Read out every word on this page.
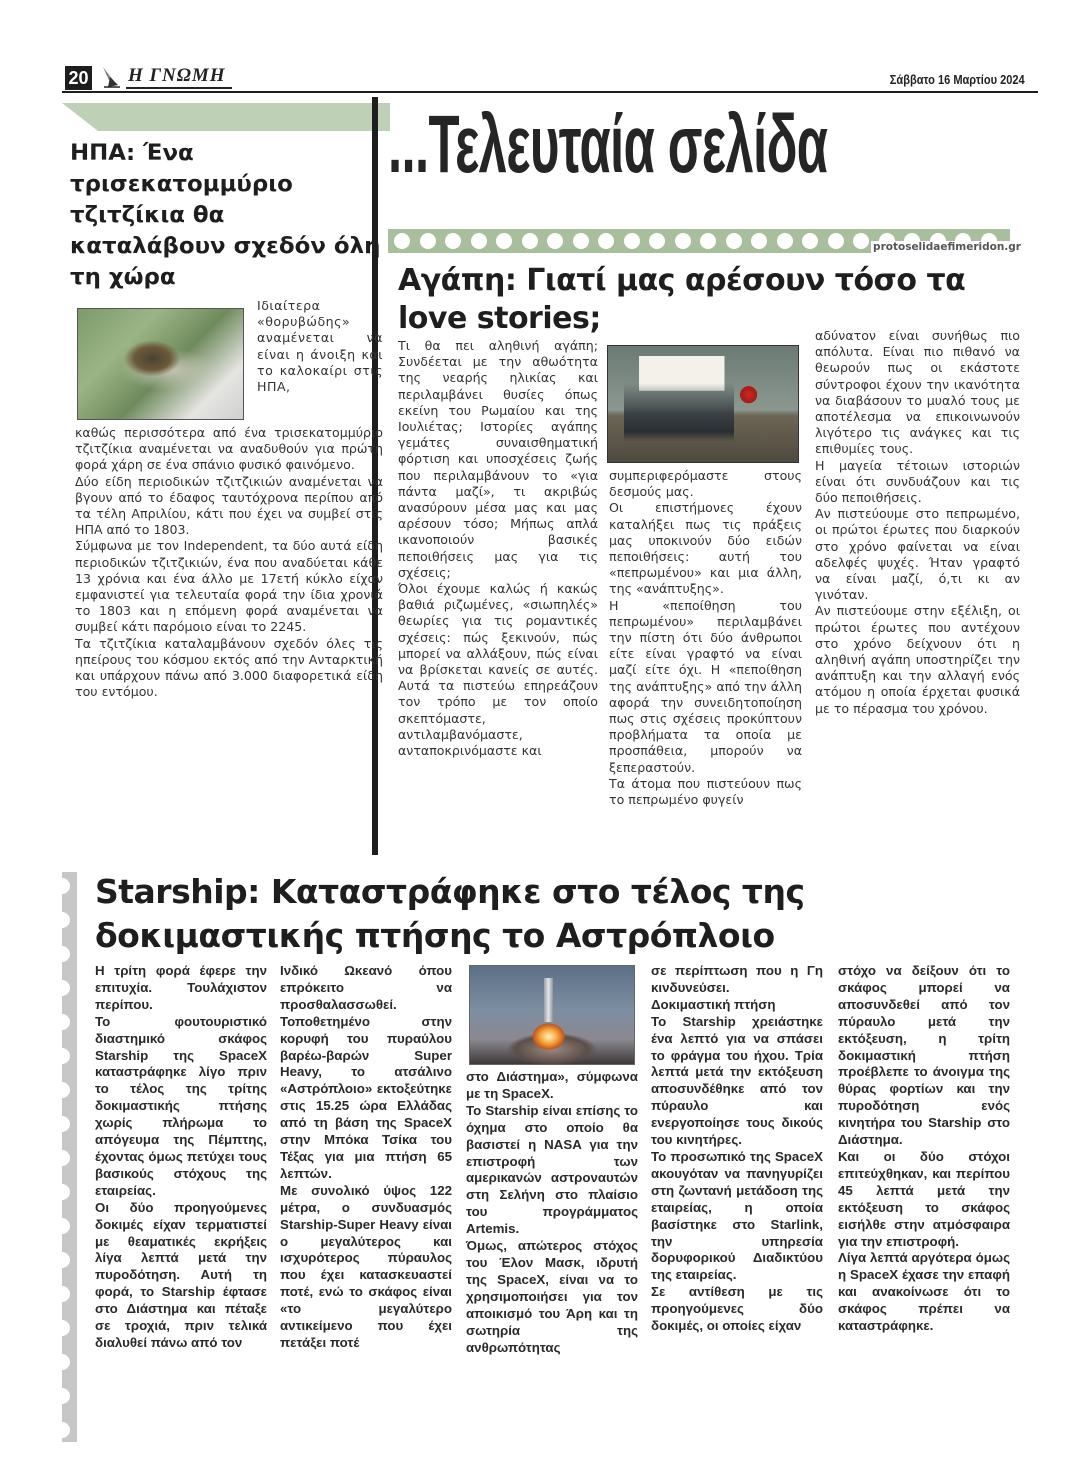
20 Η ΓΝΩΜΗ	Σάββατο 16 Μαρτίου 2024
...Τελευταία σελίδα
protoselidaefimeridon.gr
ΗΠΑ: Ένα τρισεκατομμύριο τζιτζίκια θα καταλάβουν σχεδόν όλη τη χώρα
Ιδιαίτερα «θορυβώδης» αναμένεται να είναι η άνοιξη και το καλοκαίρι στις ΗΠΑ,

καθώς περισσότερα από ένα τρισεκατομμύριο τζιτζίκια αναμένεται να αναδυθούν για πρώτη φορά χάρη σε ένα σπάνιο φυσικό φαινόμενο.

Δύο είδη περιοδικών τζιτζικιών αναμένεται να βγουν από το έδαφος ταυτόχρονα περίπου από τα τέλη Απριλίου, κάτι που έχει να συμβεί στις ΗΠΑ από το 1803.

Σύμφωνα με τον Independent, τα δύο αυτά είδη περιοδικών τζιτζικιών, ένα που αναδύεται κάθε 13 χρόνια και ένα άλλο με 17ετή κύκλο είχαν εμφανιστεί για τελευταία φορά την ίδια χρονιά το 1803 και η επόμενη φορά αναμένεται να συμβεί κάτι παρόμοιο είναι το 2245.

Τα τζιτζίκια καταλαμβάνουν σχεδόν όλες τις ηπείρους του κόσμου εκτός από την Ανταρκτική και υπάρχουν πάνω από 3.000 διαφορετικά είδη του εντόμου.

Αγάπη: Γιατί μας αρέσουν τόσο τα love stories;

Τι θα πει αληθινή αγάπη; Συνδέεται με την αθωότητα της νεαρής ηλικίας και περιλαμβάνει θυσίες όπως εκείνη του Ρωμαίου και της Ιουλιέτας; Ιστορίες αγάπης γεμάτες συναισθηματική φόρτιση και υποσχέσεις ζωής που περιλαμβάνουν το «για πάντα μαζί», τι ακριβώς ανασύρουν μέσα μας και μας αρέσουν τόσο; Μήπως απλά ικανοποιούν βασικές πεποιθήσεις μας για τις σχέσεις;

Όλοι έχουμε καλώς ή κακώς βαθιά ριζωμένες, «σιωπηλές» θεωρίες για τις ρομαντικές σχέσεις: πώς ξεκινούν, πώς μπορεί να αλλάξουν, πώς είναι να βρίσκεται κανείς σε αυτές. Αυτά τα πιστεύω επηρεάζουν τον τρόπο με τον οποίο σκεπτόμαστε, αντιλαμβανόμαστε, ανταποκρινόμαστε και

συμπεριφερόμαστε στους δεσμούς μας.

Οι επιστήμονες έχουν καταλήξει πως τις πράξεις μας υποκινούν δύο ειδών πεποιθήσεις: αυτή του «πεπρωμένου» και μια άλλη, της «ανάπτυξης».

Η «πεποίθηση του πεπρωμένου» περιλαμβάνει την πίστη ότι δύο άνθρωποι είτε είναι γραφτό να είναι μαζί είτε όχι. Η «πεποίθηση της ανάπτυξης» από την άλλη αφορά την συνειδητοποίηση πως στις σχέσεις προκύπτουν προβλήματα τα οποία με προσπάθεια, μπορούν να ξεπεραστούν.

Τα άτομα που πιστεύουν πως το πεπρωμένο φυγείν

αδύνατον είναι συνήθως πιο απόλυτα. Είναι πιο πιθανό να θεωρούν πως οι εκάστοτε σύντροφοι έχουν την ικανότητα να διαβάσουν το μυαλό τους με αποτέλεσμα να επικοινωνούν λιγότερο τις ανάγκες και τις επιθυμίες τους.

Η μαγεία τέτοιων ιστοριών είναι ότι συνδυάζουν και τις δύο πεποιθήσεις.

Αν πιστεύουμε στο πεπρωμένο, οι πρώτοι έρωτες που διαρκούν στο χρόνο φαίνεται να είναι αδελφές ψυχές. Ήταν γραφτό να είναι μαζί, ό,τι κι αν γινόταν.

Αν πιστεύουμε στην εξέλιξη, οι πρώτοι έρωτες που αντέχουν στο χρόνο δείχνουν ότι η αληθινή αγάπη υποστηρίζει την ανάπτυξη και την αλλαγή ενός ατόμου η οποία έρχεται φυσικά με το πέρασμα του χρόνου.

Starship: Καταστράφηκε στο τέλος της δοκιμαστικής πτήσης το Αστρόπλοιο

Η τρίτη φορά έφερε την επιτυχία. Τουλάχιστον περίπου.

Το φουτουριστικό διαστημικό σκάφος Starship της SpaceX καταστράφηκε λίγο πριν το τέλος της τρίτης δοκιμαστικής πτήσης χωρίς πλήρωμα το απόγευμα της Πέμπτης, έχοντας όμως πετύχει τους βασικούς στόχους της εταιρείας.

Οι δύο προηγούμενες δοκιμές είχαν τερματιστεί με θεαματικές εκρήξεις λίγα λεπτά μετά την πυροδότηση. Αυτή τη φορά, το Starship έφτασε στο Διάστημα και πέταξε σε τροχιά, πριν τελικά διαλυθεί πάνω από τον

Ινδικό Ωκεανό όπου επρόκειτο να προσθαλασσωθεί.

Τοποθετημένο στην κορυφή του πυραύλου βαρέω-βαρών Super Heavy, το ατσάλινο «Αστρόπλοιο» εκτοξεύτηκε στις 15.25 ώρα Ελλάδας από τη βάση της SpaceX στην Μπόκα Τσίκα του Τέξας για μια πτήση 65 λεπτών.

Με συνολικό ύψος 122 μέτρα, ο συνδυασμός Starship-Super Heavy είναι ο μεγαλύτερος και ισχυρότερος πύραυλος που έχει κατασκευαστεί ποτέ, ενώ το σκάφος είναι «το μεγαλύτερο αντικείμενο που έχει πετάξει ποτέ

στο Διάστημα», σύμφωνα με τη SpaceX.

Το Starship είναι επίσης το όχημα στο οποίο θα βασιστεί η NASA για την επιστροφή των αμερικανών αστροναυτών στη Σελήνη στο πλαίσιο του προγράμματος Artemis.

Όμως, απώτερος στόχος του Έλον Μασκ, ιδρυτή της SpaceX, είναι να το χρησιμοποιήσει για τον αποικισμό του Άρη και τη σωτηρία της ανθρωπότητας

σε περίπτωση που η Γη κινδυνεύσει.

Δοκιμαστική πτήση

Το Starship χρειάστηκε ένα λεπτό για να σπάσει το φράγμα του ήχου. Τρία λεπτά μετά την εκτόξευση αποσυνδέθηκε από τον πύραυλο και ενεργοποίησε τους δικούς του κινητήρες.

Το προσωπικό της SpaceX ακουγόταν να πανηγυρίζει στη ζωντανή μετάδοση της εταιρείας, η οποία βασίστηκε στο Starlink, την υπηρεσία δορυφορικού Διαδικτύου της εταιρείας.

Σε αντίθεση με τις προηγούμενες δύο δοκιμές, οι οποίες είχαν

στόχο να δείξουν ότι το σκάφος μπορεί να αποσυνδεθεί από τον πύραυλο μετά την εκτόξευση, η τρίτη δοκιμαστική πτήση προέβλεπε το άνοιγμα της θύρας φορτίων και την πυροδότηση ενός κινητήρα του Starship στο Διάστημα.

Και οι δύο στόχοι επιτεύχθηκαν, και περίπου 45 λεπτά μετά την εκτόξευση το σκάφος εισήλθε στην ατμόσφαιρα για την επιστροφή.

Λίγα λεπτά αργότερα όμως η SpaceX έχασε την επαφή και ανακοίνωσε ότι το σκάφος πρέπει να καταστράφηκε.
